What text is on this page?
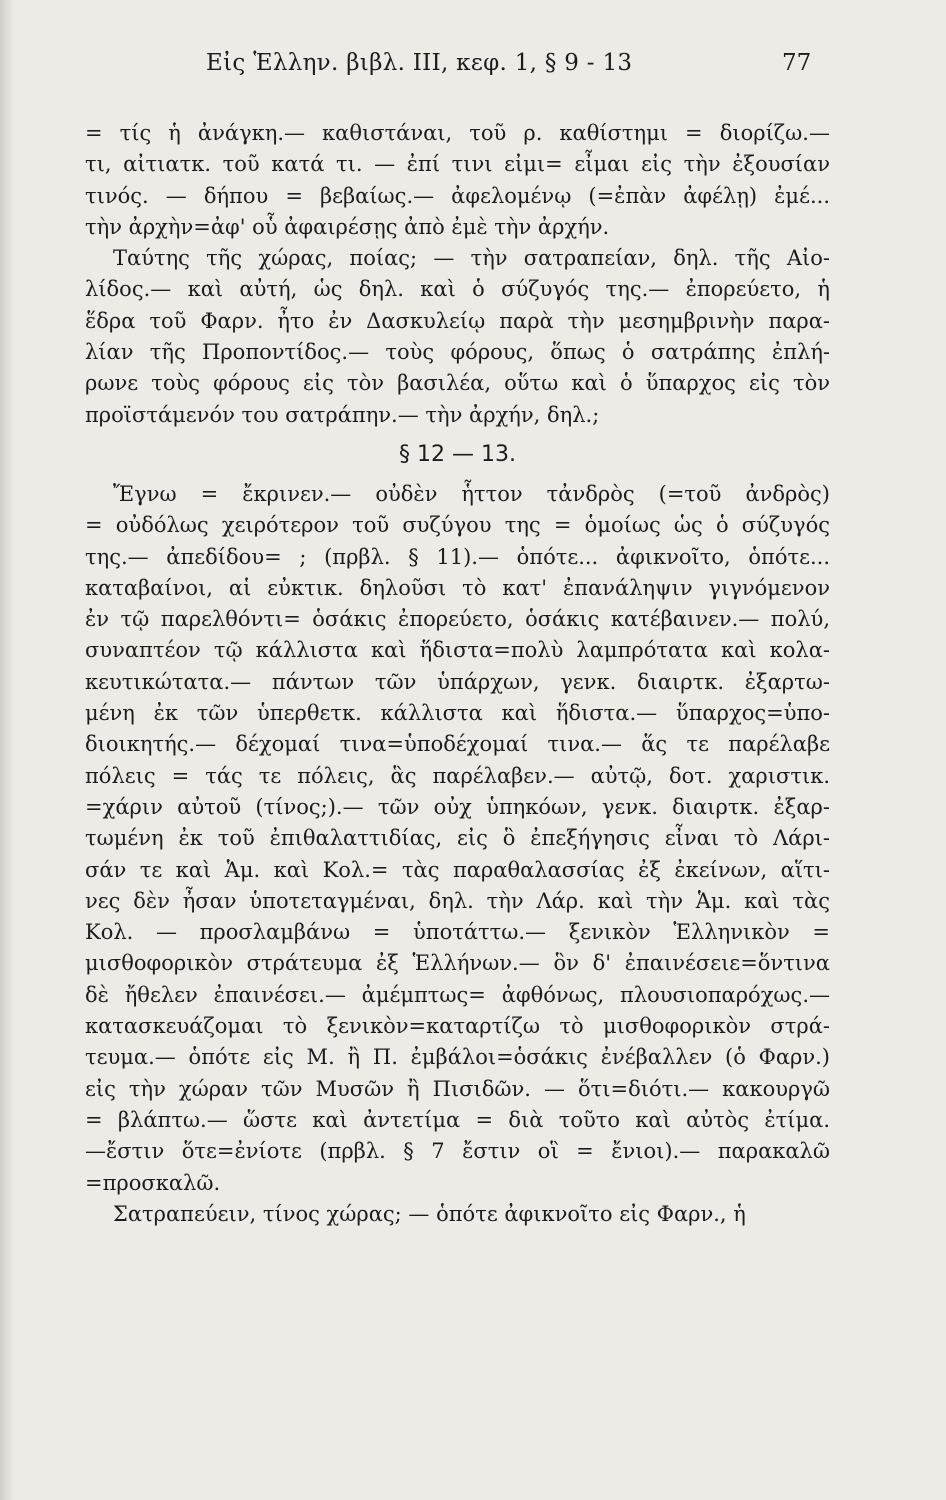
Εἰς Ἑλλην. βιβλ. ΙΙΙ, κεφ. 1, § 9 - 13	77
= τίς ἡ ἀνάγκη.— καθιστάναι, τοῦ ρ. καθίστημι = διορίζω.—
τι, αἰτιατκ. τοῦ κατά τι. — ἐπί τινι εἰμι= εἶμαι εἰς τὴν ἐξουσίαν
τινός. — δήπου = βεβαίως.— ἀφελομένῳ (=ἐπὰν ἀφέλῃ) ἐμέ...
τὴν ἀρχὴν=ἀφ' οὗ ἀφαιρέσῃς ἀπὸ ἐμὲ τὴν ἀρχήν.
Ταύτης τῆς χώρας, ποίας; — τὴν σατραπείαν, δηλ. τῆς Αἰο-
λίδος.— καὶ αὐτή, ὡς δηλ. καὶ ὁ σύζυγός της.— ἐπορεύετο, ἡ
ἕδρα τοῦ Φαρν. ἦτο ἐν Δασκυλείῳ παρὰ τὴν μεσημβρινὴν παρα-
λίαν τῆς Προποντίδος.— τοὺς φόρους, ὅπως ὁ σατράπης ἐπλή-
ρωνε τοὺς φόρους εἰς τὸν βασιλέα, οὕτω καὶ ὁ ὕπαρχος εἰς τὸν
προϊστάμενόν του σατράπην.— τὴν ἀρχήν, δηλ.;
§ 12 — 13.
Ἔγνω = ἔκρινεν.— οὐδὲν ἧττον τἀνδρὸς (=τοῦ ἀνδρὸς)
= οὐδόλως χειρότερον τοῦ συζύγου της = ὁμοίως ὡς ὁ σύζυγός
της.— ἀπεδίδου= ; (πρβλ. § 11).— ὁπότε... ἀφικνοῖτο, ὁπότε...
καταβαίνοι, αἱ εὐκτικ. δηλοῦσι τὸ κατ' ἐπανάληψιν γιγνόμενον
ἐν τῷ παρελθόντι= ὁσάκις ἐπορεύετο, ὁσάκις κατέβαινεν.— πολύ,
συναπτέον τῷ κάλλιστα καὶ ἥδιστα=πολὺ λαμπρότατα καὶ κολα-
κευτικώτατα.— πάντων τῶν ὑπάρχων, γενκ. διαιρτκ. ἐξαρτω-
μένη ἐκ τῶν ὑπερθετκ. κάλλιστα καὶ ἥδιστα.— ὕπαρχος=ὑπο-
διοικητής.— δέχομαί τινα=ὑποδέχομαί τινα.— ἅς τε παρέλαβε
πόλεις = τάς τε πόλεις, ἃς παρέλαβεν.— αὐτῷ, δοτ. χαριστικ.
=χάριν αὐτοῦ (τίνος;).— τῶν οὐχ ὑπηκόων, γενκ. διαιρτκ. ἐξαρ-
τωμένη ἐκ τοῦ ἐπιθαλαττιδίας, εἰς ὃ ἐπεξήγησις εἶναι τὸ Λάρι-
σάν τε καὶ Ἁμ. καὶ Κολ.= τὰς παραθαλασσίας ἐξ ἐκείνων, αἵτι-
νες δὲν ἦσαν ὑποτεταγμέναι, δηλ. τὴν Λάρ. καὶ τὴν Ἁμ. καὶ τὰς
Κολ. — προσλαμβάνω = ὑποτάττω.— ξενικὸν Ἑλληνικὸν =
μισθοφορικὸν στράτευμα ἐξ Ἑλλήνων.— ὃν δ' ἐπαινέσειε=ὅντινα
δὲ ἤθελεν ἐπαινέσει.— ἀμέμπτως= ἀφθόνως, πλουσιοπαρόχως.—
κατασκευάζομαι τὸ ξενικὸν=καταρτίζω τὸ μισθοφορικὸν στρά-
τευμα.— ὁπότε εἰς Μ. ἢ Π. ἐμβάλοι=ὁσάκις ἐνέβαλλεν (ὁ Φαρν.)
εἰς τὴν χώραν τῶν Μυσῶν ἢ Πισιδῶν. — ὅτι=διότι.— κακουργῶ
= βλάπτω.— ὥστε καὶ ἀντετίμα = διὰ τοῦτο καὶ αὐτὸς ἐτίμα.
—ἔστιν ὅτε=ἐνίοτε (πρβλ. § 7 ἔστιν οἳ = ἔνιοι).— παρακαλῶ
=προσκαλῶ.
Σατραπεύειν, τίνος χώρας; — ὁπότε ἀφικνοῖτο εἰς Φαρν., ἡ
